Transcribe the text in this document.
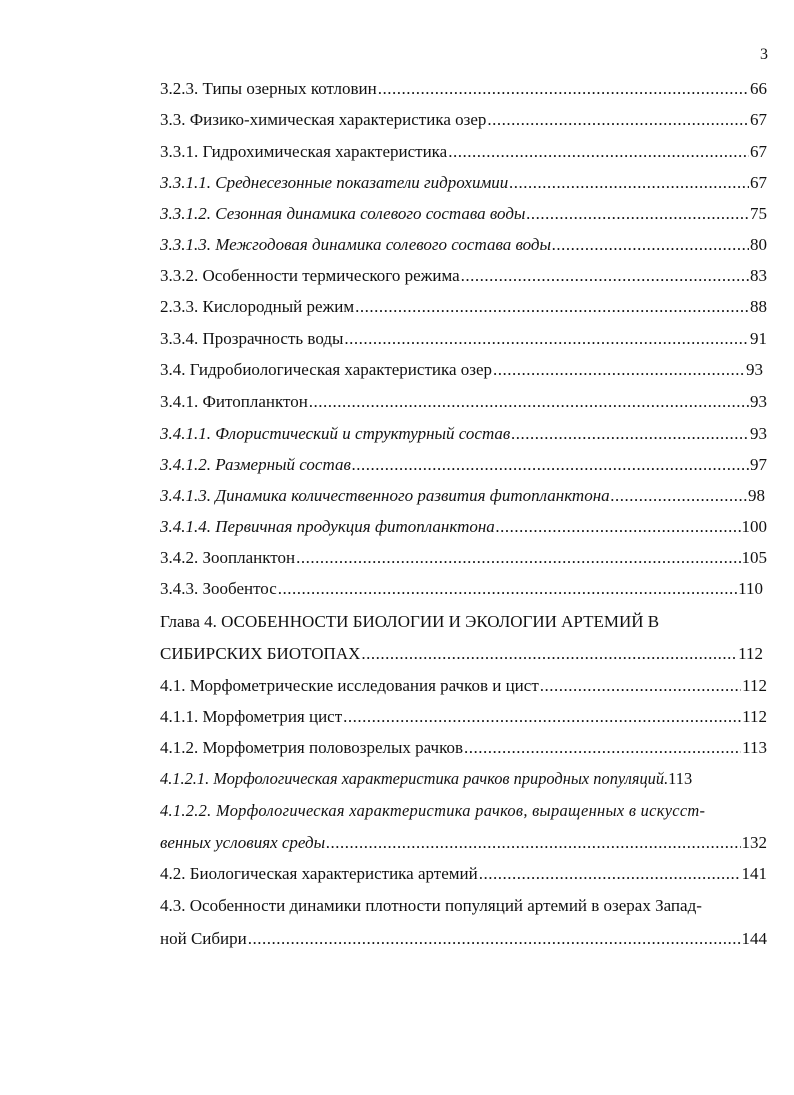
3
3.2.3. Типы озерных котловин .....	66
3.3. Физико-химическая характеристика озер .....	67
3.3.1. Гидрохимическая характеристика .....	67
3.3.1.1. Среднесезонные показатели гидрохимии .....	67
3.3.1.2. Сезонная динамика солевого состава воды .....	75
3.3.1.3. Межгодовая динамика солевого состава воды .....	80
3.3.2. Особенности термического режима .....	83
2.3.3. Кислородный режим .....	88
3.3.4. Прозрачность воды .....	91
3.4. Гидробиологическая характеристика озер .....	93
3.4.1. Фитопланктон .....	93
3.4.1.1. Флористический и структурный состав .....	93
3.4.1.2. Размерный состав .....	97
3.4.1.3. Динамика количественного развития фитопланктона .....	98
3.4.1.4. Первичная продукция фитопланктона .....	100
3.4.2. Зоопланктон .....	105
3.4.3. Зообентос .....	110
Глава 4. ОСОБЕННОСТИ БИОЛОГИИ И ЭКОЛОГИИ АРТЕМИЙ В
СИБИРСКИХ БИОТОПАХ .....	112
4.1. Морфометрические исследования рачков и цист .....	112
4.1.1. Морфометрия цист .....	112
4.1.2. Морфометрия половозрелых рачков .....	113
4.1.2.1. Морфологическая характеристика рачков природных популяций.113
4.1.2.2. Морфологическая характеристика рачков, выращенных в искусст-
венных условиях среды .....	132
4.2. Биологическая характеристика артемий .....	141
4.3. Особенности динамики плотности популяций артемий в озерах Запад-
ной Сибири .....	144
